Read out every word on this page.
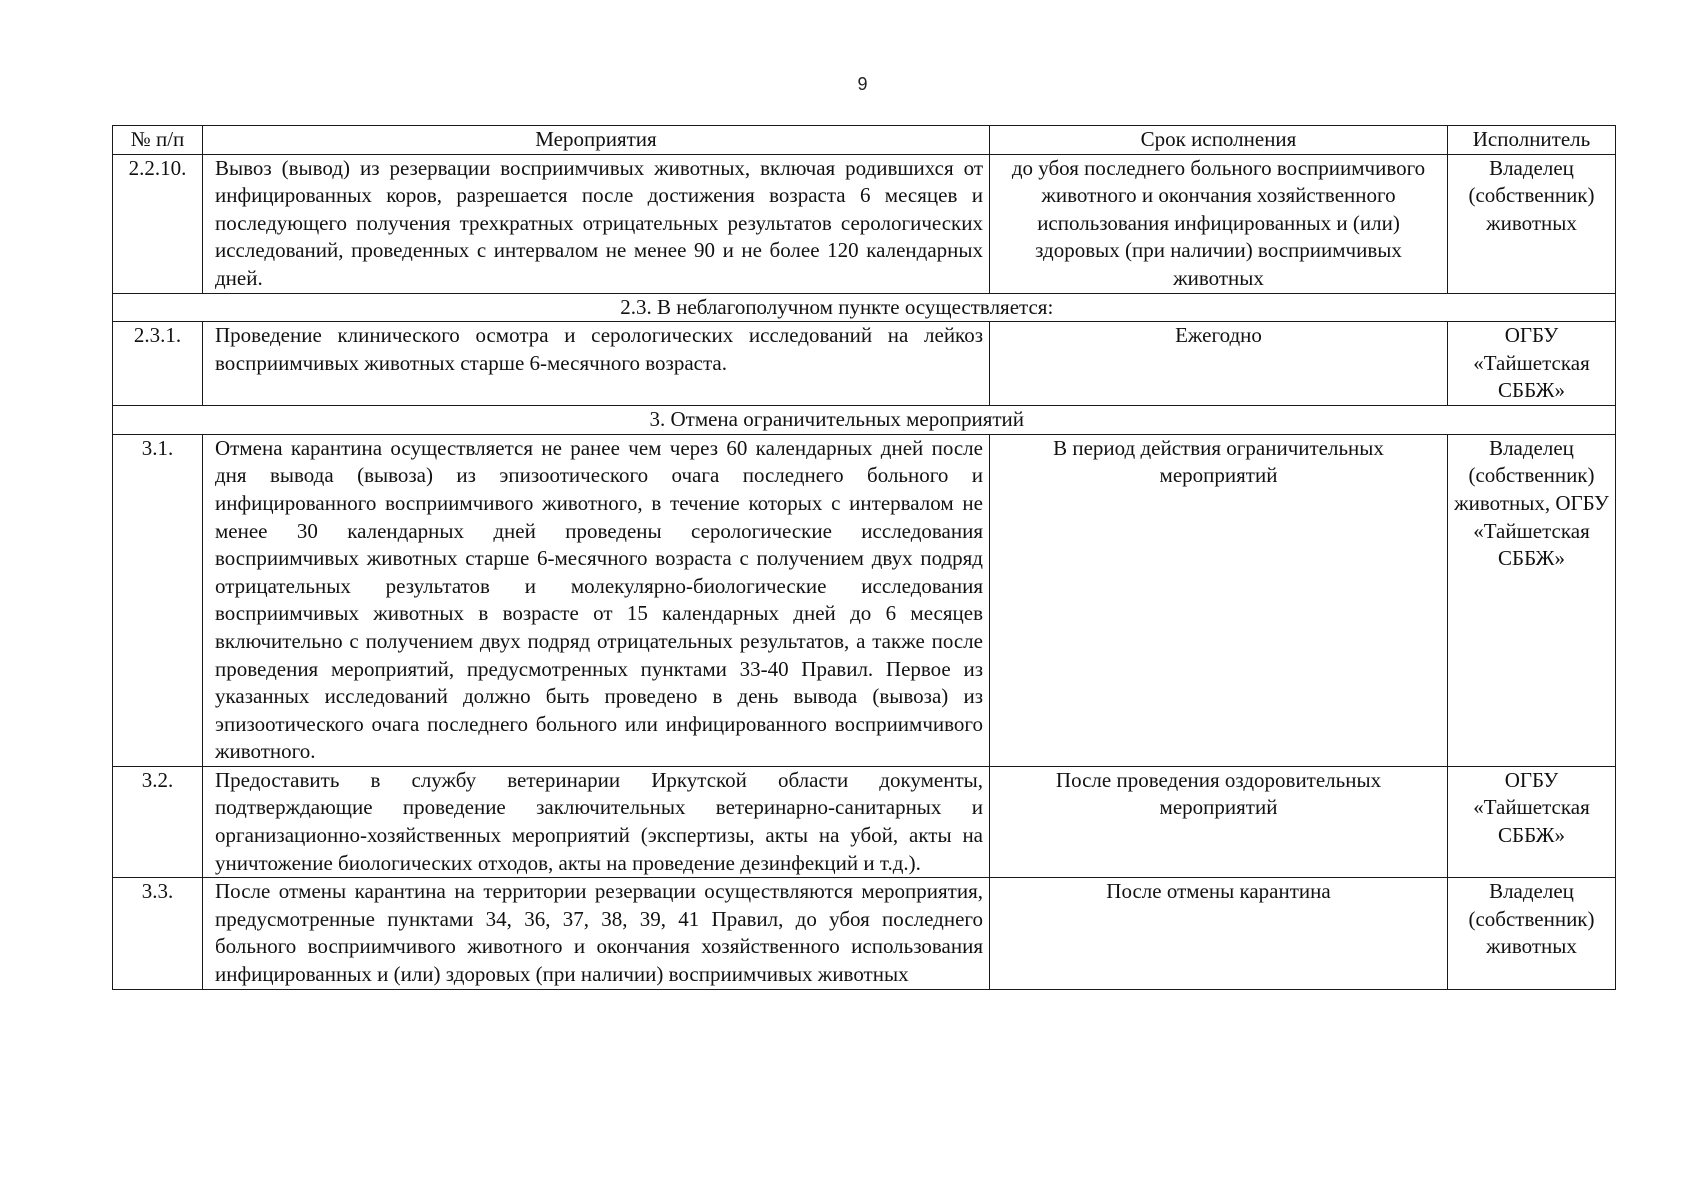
9
№ п/п	Мероприятия	Срок исполнения	Исполнитель
2.2.10.	Вывоз (вывод) из резервации восприимчивых животных, включая родившихся от инфицированных коров, разрешается после достижения возраста 6 месяцев и последующего получения трехкратных отрицательных результатов серологических исследований, проведенных с интервалом не менее 90 и не более 120 календарных дней.	до убоя последнего больного восприимчивого животного и окончания хозяйственного использования инфицированных и (или) здоровых (при наличии) восприимчивых животных	Владелец (собственник) животных
	2.3. В неблагополучном пункте осуществляется:		
2.3.1.	Проведение клинического осмотра и серологических исследований на лейкоз восприимчивых животных старше 6-месячного возраста.	Ежегодно	ОГБУ «Тайшетская СББЖ»
	3. Отмена ограничительных мероприятий		
3.1.	Отмена карантина осуществляется не ранее чем через 60 календарных дней после дня вывода (вывоза) из эпизоотического очага последнего больного и инфицированного восприимчивого животного, в течение которых с интервалом не менее 30 календарных дней проведены серологические исследования восприимчивых животных старше 6-месячного возраста с получением двух подряд отрицательных результатов и молекулярно-биологические исследования восприимчивых животных в возрасте от 15 календарных дней до 6 месяцев включительно с получением двух подряд отрицательных результатов, а также после проведения мероприятий, предусмотренных пунктами 33-40 Правил. Первое из указанных исследований должно быть проведено в день вывода (вывоза) из эпизоотического очага последнего больного или инфицированного восприимчивого животного.	В период действия ограничительных мероприятий	Владелец (собственник) животных, ОГБУ «Тайшетская СББЖ»
3.2.	Предоставить в службу ветеринарии Иркутской области документы, подтверждающие проведение заключительных ветеринарно-санитарных и организационно-хозяйственных мероприятий (экспертизы, акты на убой, акты на уничтожение биологических отходов, акты на проведение дезинфекций и т.д.).	После проведения оздоровительных мероприятий	ОГБУ «Тайшетская СББЖ»
3.3.	После отмены карантина на территории резервации осуществляются мероприятия, предусмотренные пунктами 34, 36, 37, 38, 39, 41 Правил, до убоя последнего больного восприимчивого животного и окончания хозяйственного использования инфицированных и (или) здоровых (при наличии) восприимчивых животных	После отмены карантина	Владелец (собственник) животных
